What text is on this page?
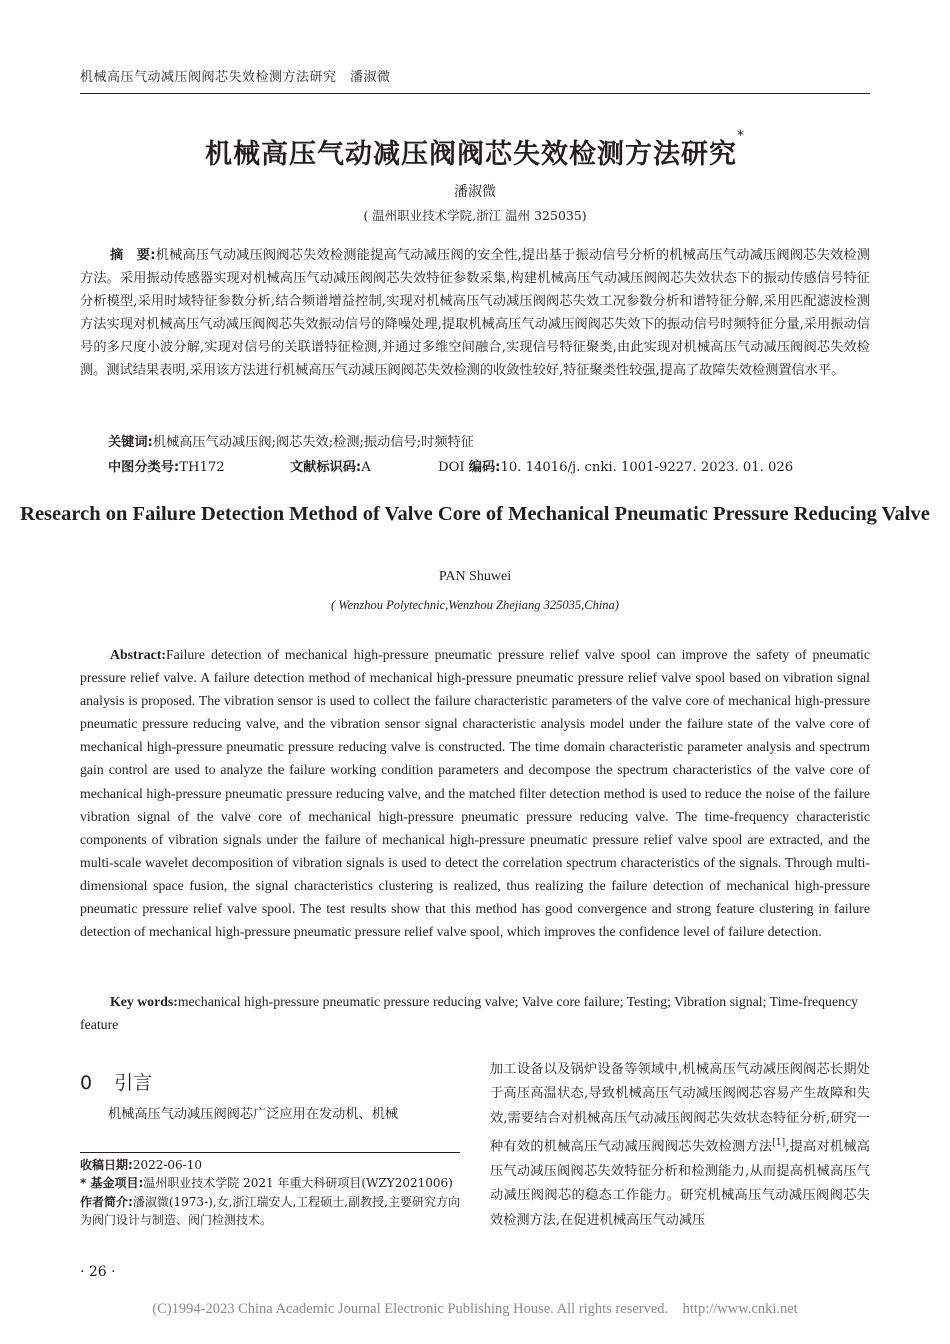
机械高压气动减压阀阀芯失效检测方法研究　潘淑微
机械高压气动减压阀阀芯失效检测方法研究*
潘淑微
( 温州职业技术学院,浙江 温州 325035)

摘　要:机械高压气动减压阀阀芯失效检测能提高气动减压阀的安全性,提出基于振动信号分析的机械高压气动减压阀阀芯失效检测方法。采用振动传感器实现对机械高压气动减压阀阀芯失效特征参数采集,构建机械高压气动减压阀阀芯失效状态下的振动传感信号特征分析模型,采用时域特征参数分析,结合频谱增益控制,实现对机械高压气动减压阀阀芯失效工况参数分析和谱特征分解,采用匹配滤波检测方法实现对机械高压气动减压阀阀芯失效振动信号的降噪处理,提取机械高压气动减压阀阀芯失效下的振动信号时频特征分量,采用振动信号的多尺度小波分解,实现对信号的关联谱特征检测,并通过多维空间融合,实现信号特征聚类,由此实现对机械高压气动减压阀阀芯失效检测。测试结果表明,采用该方法进行机械高压气动减压阀阀芯失效检测的收敛性较好,特征聚类性较强,提高了故障失效检测置信水平。

关键词:机械高压气动减压阀;阀芯失效;检测;振动信号;时频特征
中图分类号:TH172	文献标识码:A	DOI 编码:10. 14016/j. cnki. 1001-9227. 2023. 01. 026
Research on Failure Detection Method of Valve Core of Mechanical Pneumatic Pressure Reducing Valve
PAN Shuwei
( Wenzhou Polytechnic,Wenzhou Zhejiang 325035,China)

Abstract:Failure detection of mechanical high-pressure pneumatic pressure relief valve spool can improve the safety of pneumatic pressure relief valve. A failure detection method of mechanical high-pressure pneumatic pressure relief valve spool based on vibration signal analysis is proposed. The vibration sensor is used to collect the failure characteristic parameters of the valve core of mechanical high-pressure pneumatic pressure reducing valve, and the vibration sensor signal characteristic analysis model under the failure state of the valve core of mechanical high-pressure pneumatic pressure reducing valve is constructed. The time domain characteristic parameter analysis and spectrum gain control are used to analyze the failure working condition parameters and decompose the spectrum characteristics of the valve core of mechanical high-pressure pneumatic pressure reducing valve, and the matched filter detection method is used to reduce the noise of the failure vibration signal of the valve core of mechanical high-pressure pneumatic pressure reducing valve. The time-frequency characteristic components of vibration signals under the failure of mechanical high-pressure pneumatic pressure relief valve spool are extracted, and the multi-scale wavelet decomposition of vibration signals is used to detect the correlation spectrum characteristics of the signals. Through multi-dimensional space fusion, the signal characteristics clustering is realized, thus realizing the failure detection of mechanical high-pressure pneumatic pressure relief valve spool. The test results show that this method has good convergence and strong feature clustering in failure detection of mechanical high-pressure pneumatic pressure relief valve spool, which improves the confidence level of failure detection.

Key words:mechanical high-pressure pneumatic pressure reducing valve; Valve core failure; Testing; Vibration signal; Time-frequency feature

0 引言

机械高压气动减压阀阀芯广泛应用在发动机、机械

加工设备以及锅炉设备等领域中,机械高压气动减压阀阀芯长期处于高压高温状态,导致机械高压气动减压阀阀芯容易产生故障和失效,需要结合对机械高压气动减压阀阀芯失效状态特征分析,研究一种有效的机械高压气动减压阀阀芯失效检测方法[1],提高对机械高压气动减压阀阀芯失效特征分析和检测能力,从而提高机械高压气动减压阀阀芯的稳态工作能力。研究机械高压气动减压阀阀芯失效检测方法,在促进机械高压气动减压

收稿日期:2022-06-10
* 基金项目:温州职业技术学院 2021 年重大科研项目(WZY2021006)
作者简介:潘淑微(1973-),女,浙江瑞安人,工程硕士,副教授,主要研究方向为阀门设计与制造、阀门检测技术。
· 26 ·
(C)1994-2023 China Academic Journal Electronic Publishing House. All rights reserved.　http://www.cnki.net
